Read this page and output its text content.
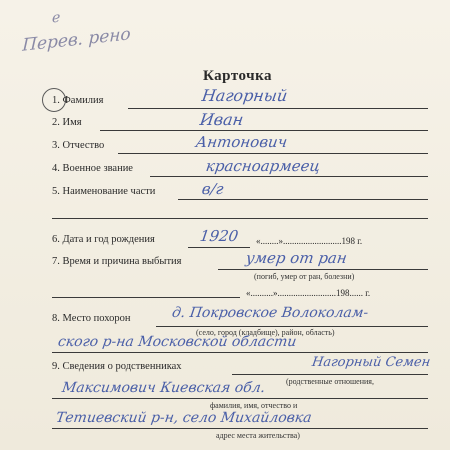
е
Перев. рено
Карточка
1. Фамилия	Нагорный
2. Имя	Иван
3. Отчество	Антонович
4. Военное звание	красноармеец
5. Наименование части	в/г
6. Дата и год рождения	1920 «........»..........................198 г.
7. Время и причина выбытия	умер от ран
(погиб, умер от ран, болезни)
«..........»..........................198...... г.
8. Место похорон	д. Покровское Волоколам-
(село, город (кладбище), район, область)
ского р-на Московской области
9. Сведения о родственниках	Нагорный Семен
(родственные отношения,
Максимович Киевская обл.
фамилия, имя, отчество и
Тетиевский р-н, село Михайловка
адрес места жительства)
